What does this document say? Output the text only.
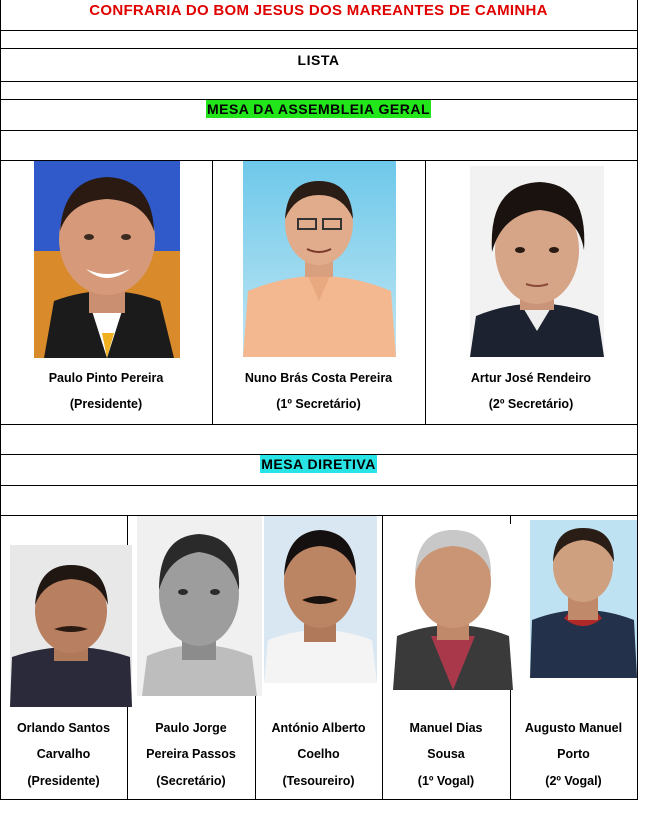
CONFRARIA DO BOM JESUS DOS MAREANTES DE CAMINHA
LISTA
MESA DA ASSEMBLEIA GERAL
Paulo Pinto Pereira
(Presidente)
Nuno Brás Costa Pereira
(1º Secretário)
Artur José Rendeiro
(2º Secretário)
MESA DIRETIVA
Orlando Santos
Carvalho
(Presidente)
Paulo Jorge
Pereira Passos
(Secretário)
António Alberto
Coelho
(Tesoureiro)
Manuel Dias
Sousa
(1º Vogal)
Augusto Manuel
Porto
(2º Vogal)
